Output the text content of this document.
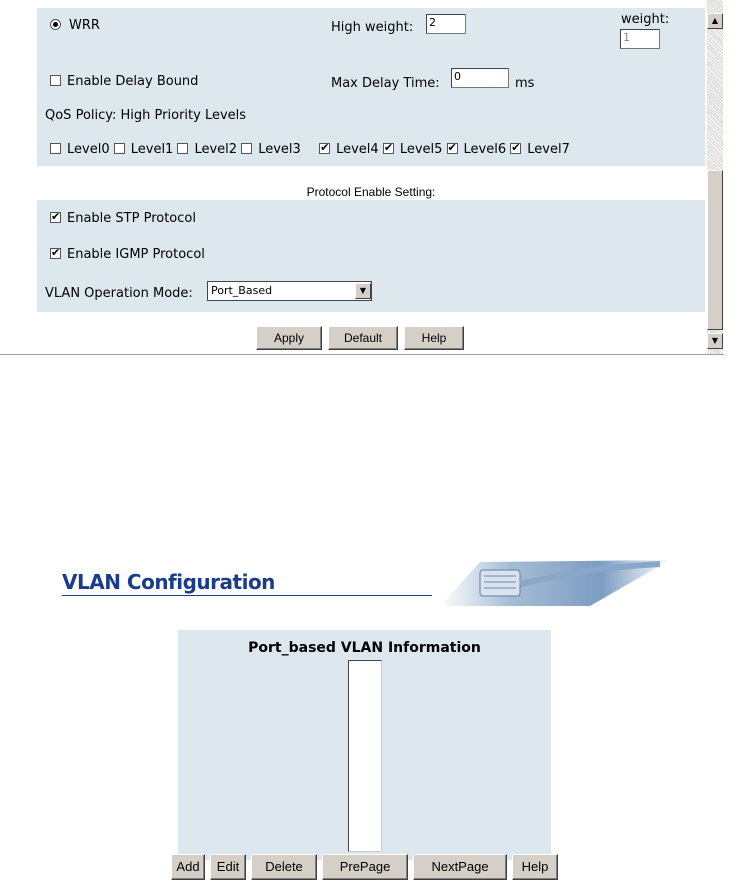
WRR	High weight: 2	weight:
1
Enable Delay Bound	Max Delay Time: 0	ms
QoS Policy: High Priority Levels
Level0 Level1 Level2 Level3 ✔	Level4 ✔ Level5 ✔ Level6 ✔ Level7
Protocol Enable Setting:
✔Enable STP Protocol
✔Enable IGMP Protocol
VLAN Operation Mode: Port_Based	▼
Apply	Default	Help
▲
▼
VLAN Configuration
Port_based VLAN Information
Add	Edit	Delete	PrePage	NextPage	Help
